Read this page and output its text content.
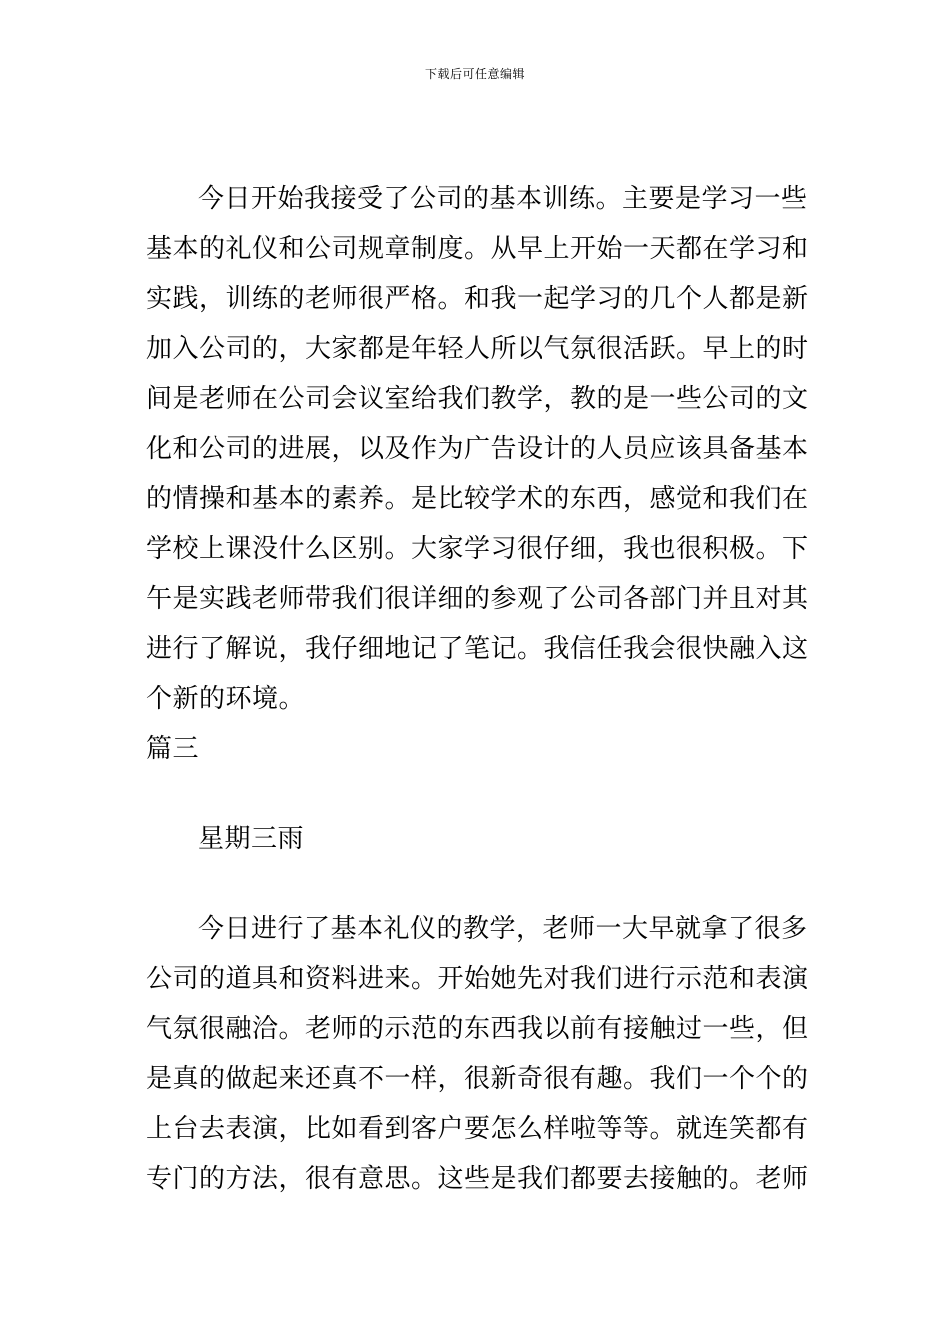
下载后可任意编辑
今日开始我接受了公司的基本训练。主要是学习一些
基本的礼仪和公司规章制度。从早上开始一天都在学习和
实践，训练的老师很严格。和我一起学习的几个人都是新
加入公司的，大家都是年轻人所以气氛很活跃。早上的时
间是老师在公司会议室给我们教学，教的是一些公司的文
化和公司的进展，以及作为广告设计的人员应该具备基本
的情操和基本的素养。是比较学术的东西，感觉和我们在
学校上课没什么区别。大家学习很仔细，我也很积极。下
午是实践老师带我们很详细的参观了公司各部门并且对其
进行了解说，我仔细地记了笔记。我信任我会很快融入这
个新的环境。
篇三
星期三雨
今日进行了基本礼仪的教学，老师一大早就拿了很多
公司的道具和资料进来。开始她先对我们进行示范和表演
气氛很融洽。老师的示范的东西我以前有接触过一些，但
是真的做起来还真不一样，很新奇很有趣。我们一个个的
上台去表演，比如看到客户要怎么样啦等等。就连笑都有
专门的方法，很有意思。这些是我们都要去接触的。老师
